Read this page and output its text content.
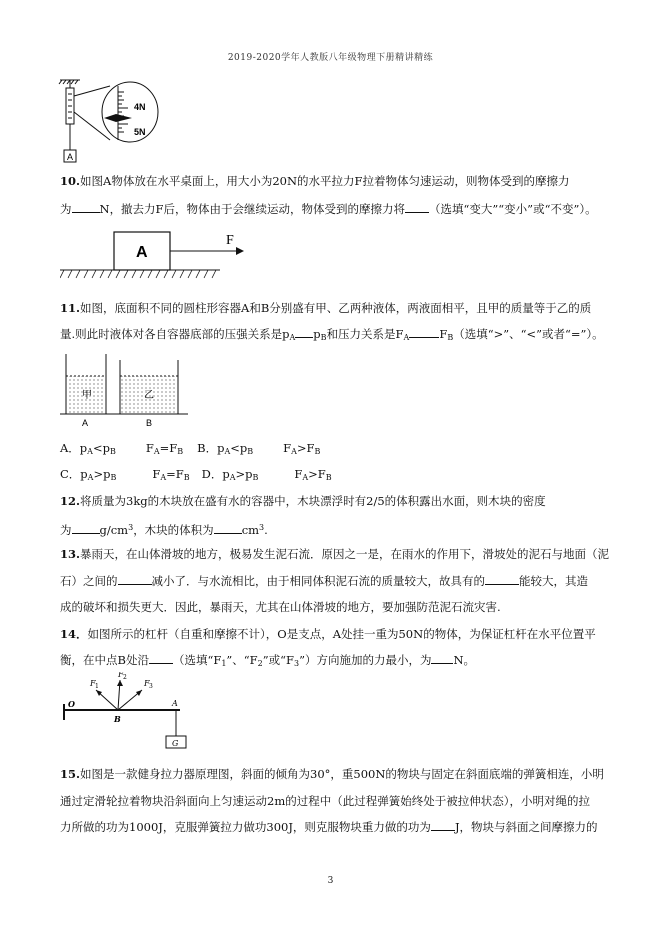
2019-2020学年人教版八年级物理下册精讲精练
4N
5N
A
10.如图A物体放在水平桌面上，用大小为20N的水平拉力F拉着物体匀速运动，则物体受到的摩擦力
为 N，撤去力F后，物体由于会继续运动，物体受到的摩擦力将 （选填“变大”“变小”或“不变”）。
A
F
11.如图，底面积不同的圆柱形容器A和B分别盛有甲、乙两种液体，两液面相平，且甲的质量等于乙的质
量.则此时液体对各自容器底部的压强关系是$p_A$ $p_B$和压力关系是$F_A$	$F_B$（选填“>”、“<”或者“=”）。
甲	乙
A	B
A．$p_A<p_B$	$F_A=F_B$ B．$p_A<p_B$	$F_A>F_B$
C．$p_A>p_B$	$F_A=F_B$ D．$p_A>p_B$	$F_A>F_B$
12.将质量为3kg的木块放在盛有水的容器中，木块漂浮时有2/5的体积露出水面，则木块的密度
为 $g/cm^3$，木块的体积为 $cm^3$.
13.暴雨天，在山体滑坡的地方，极易发生泥石流．原因之一是，在雨水的作用下，滑坡处的泥石与地面（泥
石）之间的	减小了．与水流相比，由于相同体积泥石流的质量较大，故具有的	能较大，其造
成的破坏和损失更大．因此，暴雨天，尤其在山体滑坡的地方，要加强防范泥石流灾害.
14．如图所示的杠杆（自重和摩擦不计），O是支点，A处挂一重为50N的物体，为保证杠杆在水平位置平
衡，在中点B处沿 （选填“$F_1$”、“$F_2$”或“$F_3$”）方向施加的力最小，为 N。
F 1
F 2
F 3
O
B
A
G
15.如图是一款健身拉力器原理图，斜面的倾角为30°，重500N的物块与固定在斜面底端的弹簧相连，小明
通过定滑轮拉着物块沿斜面向上匀速运动2m的过程中（此过程弹簧始终处于被拉伸状态），小明对绳的拉
力所做的功为1000J，克服弹簧拉力做功300J，则克服物块重力做的功为 J，物块与斜面之间摩擦力的
3
